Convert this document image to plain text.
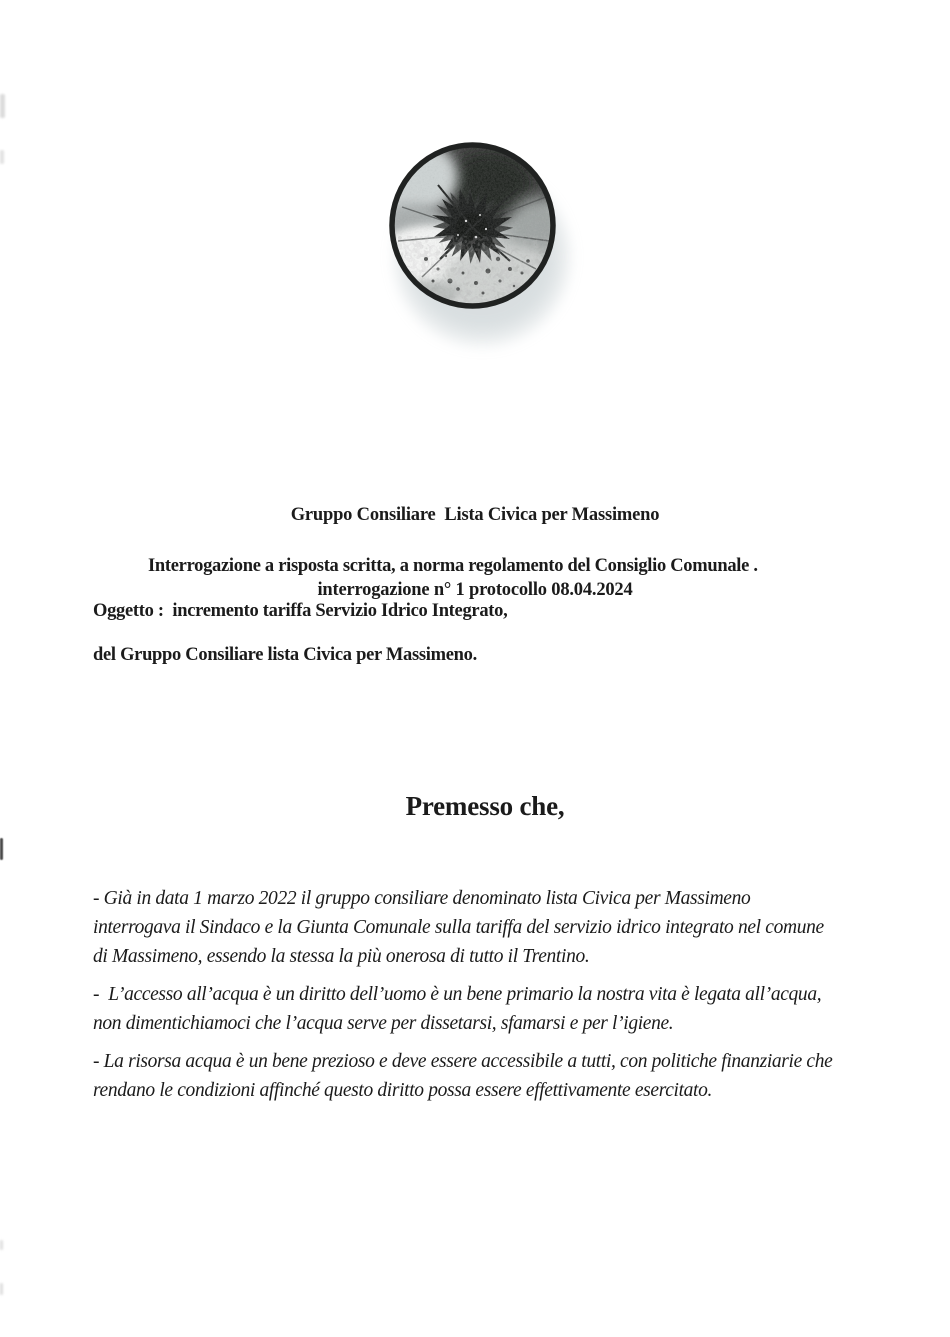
Gruppo Consiliare  Lista Civica per Massimeno

interrogazione n° 1 protocollo 08.04.2024

Interrogazione a risposta scritta, a norma regolamento del Consiglio Comunale .

Oggetto :  incremento tariffa Servizio Idrico Integrato,

del Gruppo Consiliare lista Civica per Massimeno.

Premesso che,

- Già in data 1 marzo 2022 il gruppo consiliare denominato lista Civica per Massimeno
interrogava il Sindaco e la Giunta Comunale sulla tariffa del servizio idrico integrato nel comune
di Massimeno, essendo la stessa la più onerosa di tutto il Trentino.

-  L’accesso all’acqua è un diritto dell’uomo è un bene primario la nostra vita è legata all’acqua,
non dimentichiamoci che l’acqua serve per dissetarsi, sfamarsi e per l’igiene.

- La risorsa acqua è un bene prezioso e deve essere accessibile a tutti, con politiche finanziarie che
rendano le condizioni affinché questo diritto possa essere effettivamente esercitato.
